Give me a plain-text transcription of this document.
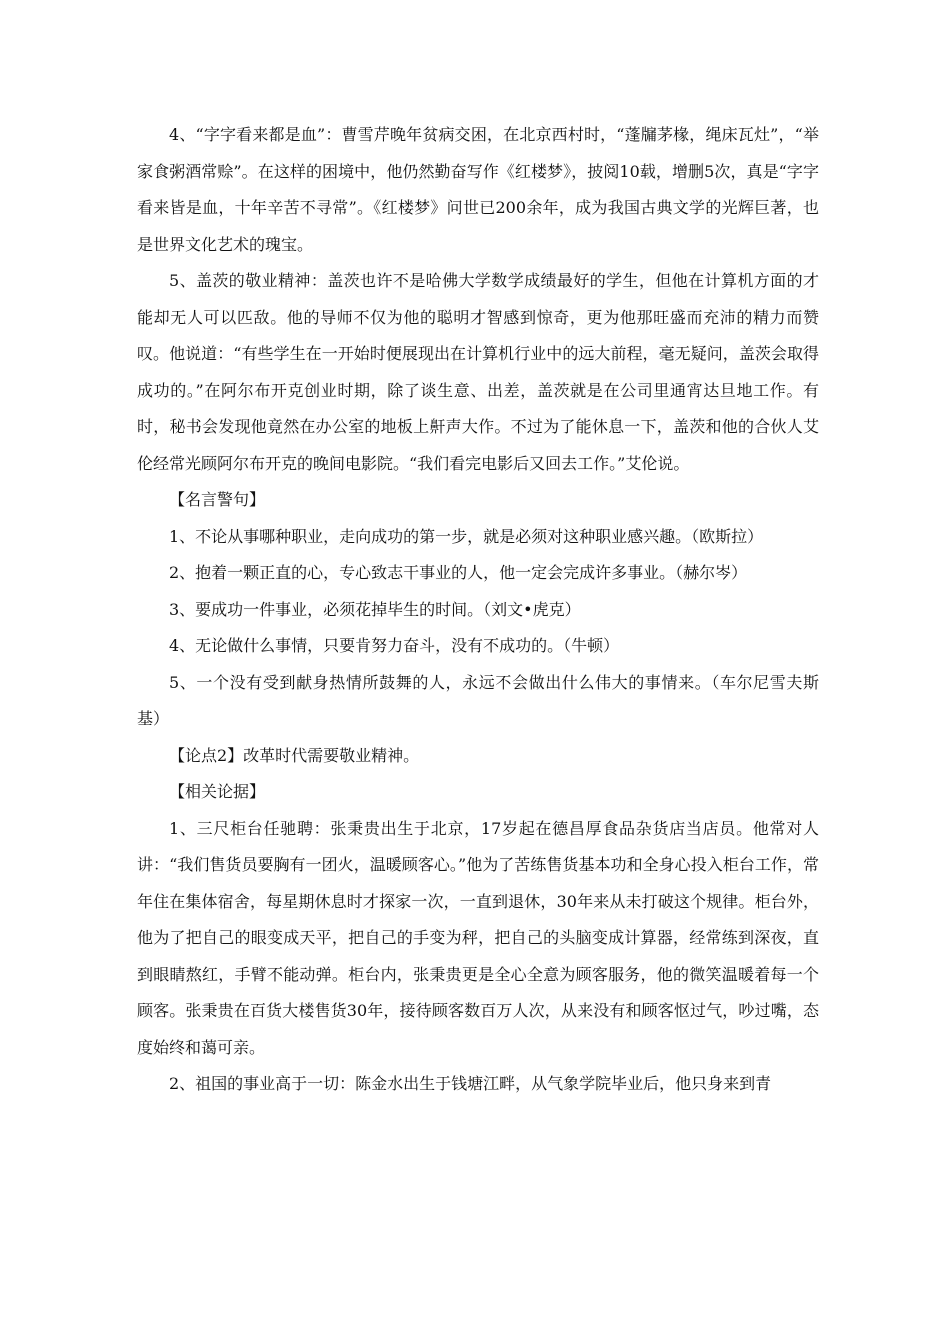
4、“字字看来都是血”：曹雪芹晚年贫病交困，在北京西村时，“蓬牖茅椽，绳床瓦灶”，“举家食粥酒常赊”。在这样的困境中，他仍然勤奋写作《红楼梦》，披阅10载，增删5次，真是“字字看来皆是血，十年辛苦不寻常”。《红楼梦》问世已200余年，成为我国古典文学的光辉巨著，也是世界文化艺术的瑰宝。

5、盖茨的敬业精神：盖茨也许不是哈佛大学数学成绩最好的学生，但他在计算机方面的才能却无人可以匹敌。他的导师不仅为他的聪明才智感到惊奇，更为他那旺盛而充沛的精力而赞叹。他说道：“有些学生在一开始时便展现出在计算机行业中的远大前程，毫无疑问，盖茨会取得成功的。”在阿尔布开克创业时期，除了谈生意、出差，盖茨就是在公司里通宵达旦地工作。有时，秘书会发现他竟然在办公室的地板上鼾声大作。不过为了能休息一下，盖茨和他的合伙人艾伦经常光顾阿尔布开克的晚间电影院。“我们看完电影后又回去工作。”艾伦说。

【名言警句】

1、不论从事哪种职业，走向成功的第一步，就是必须对这种职业感兴趣。（欧斯拉）

2、抱着一颗正直的心，专心致志干事业的人，他一定会完成许多事业。（赫尔岑）

3、要成功一件事业，必须花掉毕生的时间。（刘文•虎克）

4、无论做什么事情，只要肯努力奋斗，没有不成功的。（牛顿）

5、一个没有受到献身热情所鼓舞的人，永远不会做出什么伟大的事情来。（车尔尼雪夫斯基）

【论点2】改革时代需要敬业精神。

【相关论据】

1、三尺柜台任驰聘：张秉贵出生于北京，17岁起在德昌厚食品杂货店当店员。他常对人讲：“我们售货员要胸有一团火，温暖顾客心。”他为了苦练售货基本功和全身心投入柜台工作，常年住在集体宿舍，每星期休息时才探家一次，一直到退休，30年来从未打破这个规律。柜台外，他为了把自己的眼变成天平，把自己的手变为秤，把自己的头脑变成计算器，经常练到深夜，直到眼睛熬红，手臂不能动弹。柜台内，张秉贵更是全心全意为顾客服务，他的微笑温暖着每一个顾客。张秉贵在百货大楼售货30年，接待顾客数百万人次，从来没有和顾客怄过气，吵过嘴，态度始终和蔼可亲。

2、祖国的事业高于一切：陈金水出生于钱塘江畔，从气象学院毕业后，他只身来到青
